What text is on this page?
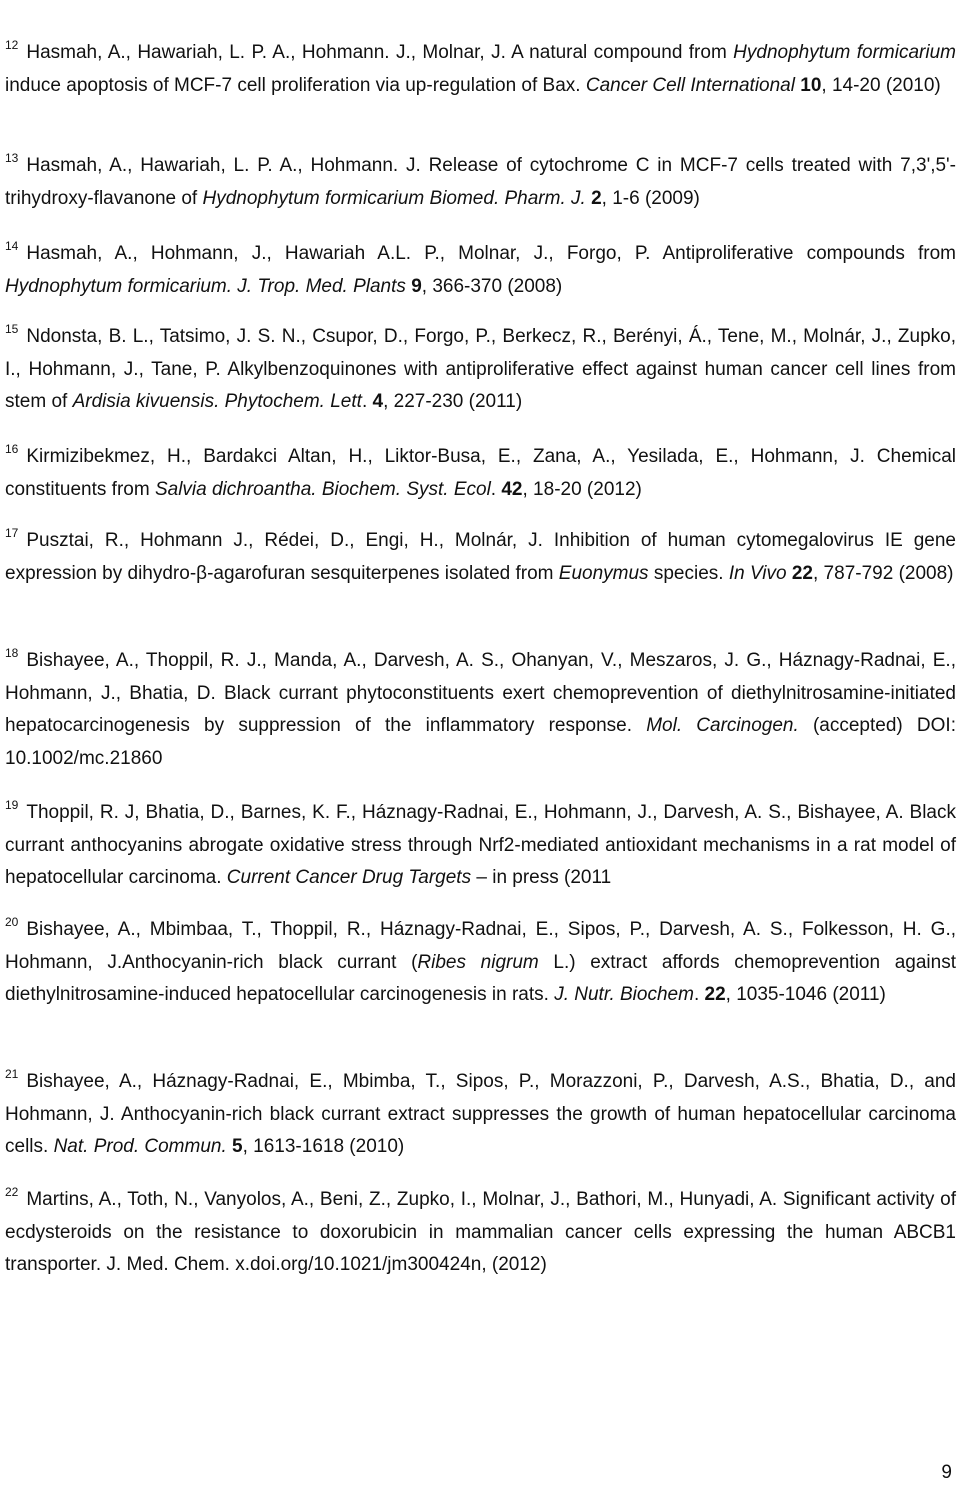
$^{12}$ Hasmah, A., Hawariah, L. P. A., Hohmann. J., Molnar, J. A natural compound from Hydnophytum formicarium induce apoptosis of MCF-7 cell proliferation via up-regulation of Bax. Cancer Cell International 10, 14-20 (2010)
$^{13}$ Hasmah, A., Hawariah, L. P. A., Hohmann. J. Release of cytochrome C in MCF-7 cells treated with 7,3',5'-trihydroxy-flavanone of Hydnophytum formicarium Biomed. Pharm. J. 2, 1-6 (2009)
$^{14}$ Hasmah, A., Hohmann, J., Hawariah A.L. P., Molnar, J., Forgo, P. Antiproliferative compounds from Hydnophytum formicarium. J. Trop. Med. Plants 9, 366-370 (2008)
$^{15}$ Ndonsta, B. L., Tatsimo, J. S. N., Csupor, D., Forgo, P., Berkecz, R., Berényi, Á., Tene, M., Molnár, J., Zupko, I., Hohmann, J., Tane, P. Alkylbenzoquinones with antiproliferative effect against human cancer cell lines from stem of Ardisia kivuensis. Phytochem. Lett. 4, 227-230 (2011)
$^{16}$ Kirmizibekmez, H., Bardakci Altan, H., Liktor-Busa, E., Zana, A., Yesilada, E., Hohmann, J. Chemical constituents from Salvia dichroantha. Biochem. Syst. Ecol. 42, 18-20 (2012)
$^{17}$ Pusztai, R., Hohmann J., Rédei, D., Engi, H., Molnár, J. Inhibition of human cytomegalovirus IE gene expression by dihydro-β-agarofuran sesquiterpenes isolated from Euonymus species. In Vivo 22, 787-792 (2008)
$^{18}$ Bishayee, A., Thoppil, R. J., Manda, A., Darvesh, A. S., Ohanyan, V., Meszaros, J. G., Háznagy-Radnai, E., Hohmann, J., Bhatia, D. Black currant phytoconstituents exert chemoprevention of diethylnitrosamine-initiated hepatocarcinogenesis by suppression of the inflammatory response. Mol. Carcinogen. (accepted) DOI: 10.1002/mc.21860
$^{19}$ Thoppil, R. J, Bhatia, D., Barnes, K. F., Háznagy-Radnai, E., Hohmann, J., Darvesh, A. S., Bishayee, A. Black currant anthocyanins abrogate oxidative stress through Nrf2-mediated antioxidant mechanisms in a rat model of hepatocellular carcinoma. Current Cancer Drug Targets – in press (2011
$^{20}$ Bishayee, A., Mbimbaa, T., Thoppil, R., Háznagy-Radnai, E., Sipos, P., Darvesh, A. S., Folkesson, H. G., Hohmann, J.Anthocyanin-rich black currant (Ribes nigrum L.) extract affords chemoprevention against diethylnitrosamine-induced hepatocellular carcinogenesis in rats. J. Nutr. Biochem. 22, 1035-1046 (2011)
$^{21}$ Bishayee, A., Háznagy-Radnai, E., Mbimba, T., Sipos, P., Morazzoni, P., Darvesh, A.S., Bhatia, D., and Hohmann, J. Anthocyanin-rich black currant extract suppresses the growth of human hepatocellular carcinoma cells. Nat. Prod. Commun. 5, 1613-1618 (2010)
$^{22}$ Martins, A., Toth, N., Vanyolos, A., Beni, Z., Zupko, I., Molnar, J., Bathori, M., Hunyadi, A. Significant activity of ecdysteroids on the resistance to doxorubicin in mammalian cancer cells expressing the human ABCB1 transporter. J. Med. Chem. x.doi.org/10.1021/jm300424n, (2012)
9
